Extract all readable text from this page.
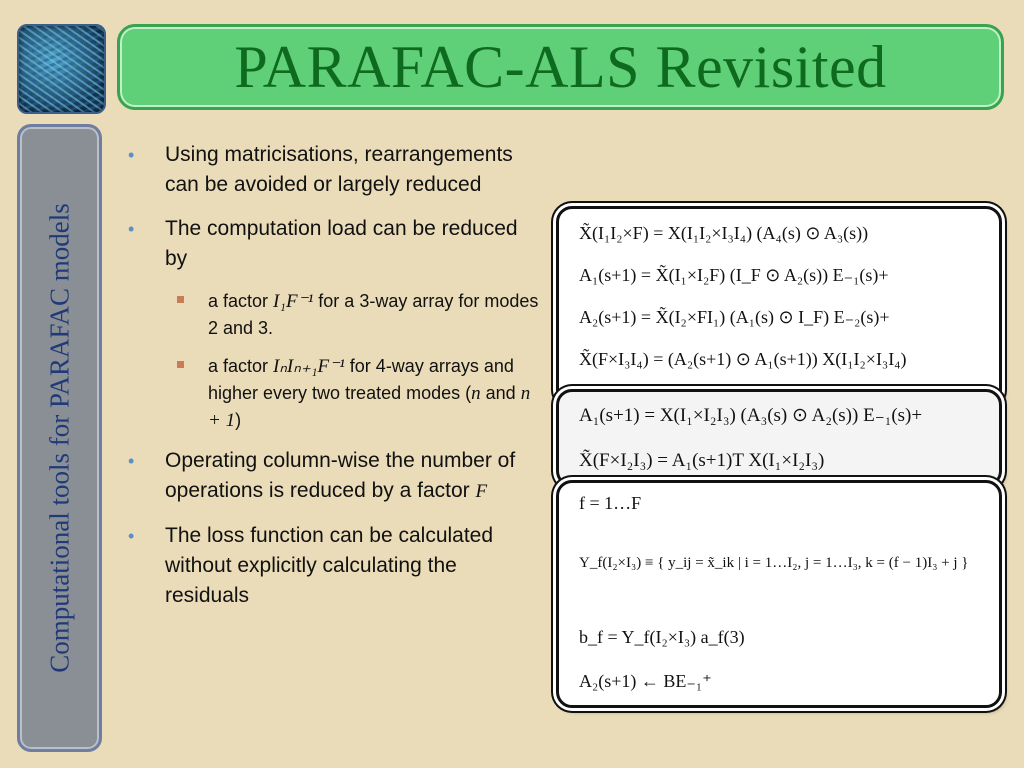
PARAFAC-ALS Revisited
Computational tools for PARAFAC models
• Using matricisations, rearrangements can be avoided or largely reduced
• The computation load can be reduced by
a factor I₁F⁻¹ for a 3-way array for modes 2 and 3.
a factor IₙIₙ₊₁F⁻¹ for 4-way arrays and higher every two treated modes (n and n + 1)
• Operating column-wise the number of operations is reduced by a factor F
• The loss function can be calculated without explicitly calculating the residuals
X̃(I₁I₂×F) = X(I₁I₂×I₃I₄) (A₄(s) ⊙ A₃(s))
A₁(s+1) = X̃(I₁×I₂F) (I_F ⊙ A₂(s)) E₋₁(s)+
A₂(s+1) = X̃(I₂×FI₁) (A₁(s) ⊙ I_F) E₋₂(s)+
X̃(F×I₃I₄) = (A₂(s+1) ⊙ A₁(s+1)) X(I₁I₂×I₃I₄)
A₁(s+1) = X(I₁×I₂I₃) (A₃(s) ⊙ A₂(s)) E₋₁(s)+
X̃(F×I₂I₃) = A₁(s+1)T X(I₁×I₂I₃)
f = 1…F
Y_f(I₂×I₃) ≡ { y_ij = x̃_ik | i = 1…I₂, j = 1…I₃, k = (f − 1)I₃ + j }
b_f = Y_f(I₂×I₃) a_f(3)
A₂(s+1) ← BE₋₁⁺
